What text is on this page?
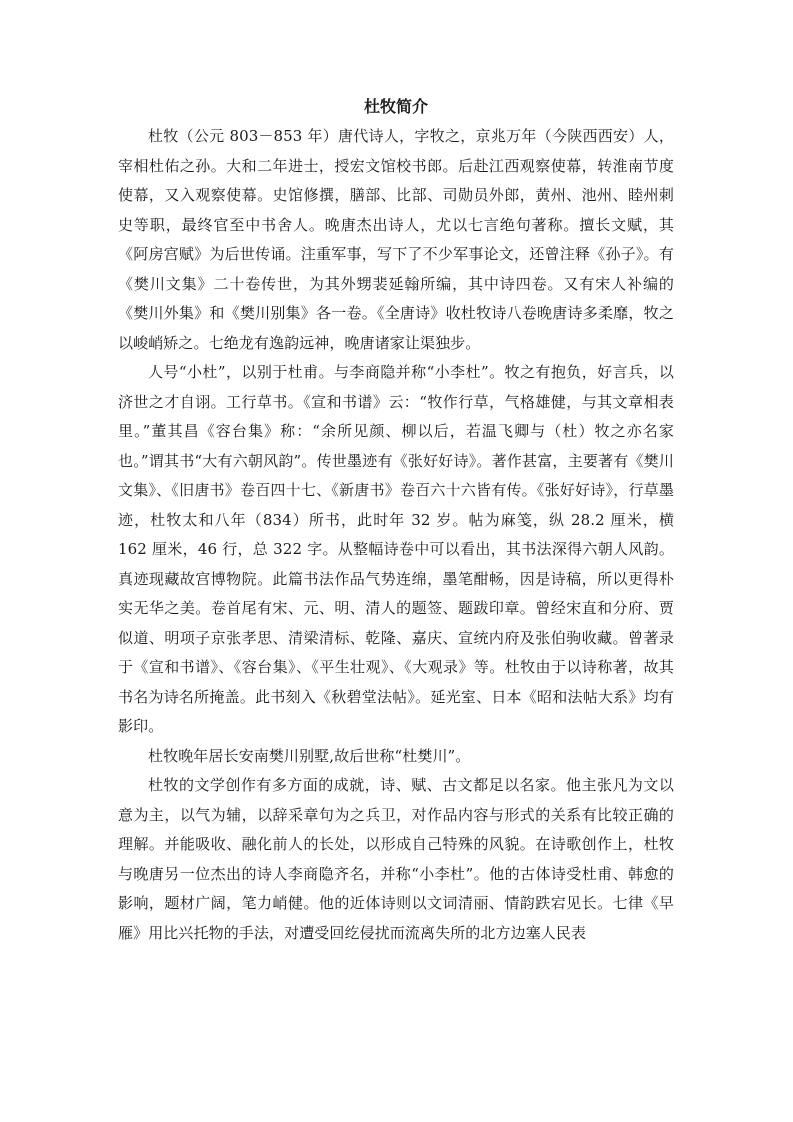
杜牧简介

杜牧（公元 803－853 年）唐代诗人，字牧之，京兆万年（今陕西西安）人，宰相杜佑之孙。大和二年进士，授宏文馆校书郎。后赴江西观察使幕，转淮南节度使幕，又入观察使幕。史馆修撰，膳部、比部、司勋员外郎，黄州、池州、睦州刺史等职，最终官至中书舍人。晚唐杰出诗人，尤以七言绝句著称。擅长文赋，其《阿房宫赋》为后世传诵。注重军事，写下了不少军事论文，还曾注释《孙子》。有《樊川文集》二十卷传世，为其外甥裴延翰所编，其中诗四卷。又有宋人补编的《樊川外集》和《樊川别集》各一卷。《全唐诗》收杜牧诗八卷晚唐诗多柔靡，牧之以峻峭矫之。七绝龙有逸韵远神，晚唐诸家让渠独步。

人号“小杜”，以别于杜甫。与李商隐并称“小李杜”。牧之有抱负，好言兵，以济世之才自诩。工行草书。《宣和书谱》云：“牧作行草，气格雄健，与其文章相表里。”董其昌《容台集》称：“余所见颜、柳以后，若温飞卿与（杜）牧之亦名家也。”谓其书“大有六朝风韵”。传世墨迹有《张好好诗》。著作甚富，主要著有《樊川文集》、《旧唐书》卷百四十七、《新唐书》卷百六十六皆有传。《张好好诗》，行草墨迹，杜牧太和八年（834）所书，此时年 32 岁。帖为麻笺，纵 28.2 厘米，横 162 厘米，46 行，总 322 字。从整幅诗卷中可以看出，其书法深得六朝人风韵。真迹现藏故宫博物院。此篇书法作品气势连绵，墨笔酣畅，因是诗稿，所以更得朴实无华之美。卷首尾有宋、元、明、清人的题签、题跋印章。曾经宋直和分府、贾似道、明项子京张孝思、清梁清标、乾隆、嘉庆、宣统内府及张伯驹收藏。曾著录于《宣和书谱》、《容台集》、《平生壮观》、《大观录》等。杜牧由于以诗称著，故其书名为诗名所掩盖。此书刻入《秋碧堂法帖》。延光室、日本《昭和法帖大系》均有影印。

杜牧晚年居长安南樊川别墅,故后世称“杜樊川”。

杜牧的文学创作有多方面的成就，诗、赋、古文都足以名家。他主张凡为文以意为主，以气为辅，以辞采章句为之兵卫，对作品内容与形式的关系有比较正确的理解。并能吸收、融化前人的长处，以形成自己特殊的风貌。在诗歌创作上，杜牧与晚唐另一位杰出的诗人李商隐齐名，并称“小李杜”。他的古体诗受杜甫、韩愈的影响，题材广阔，笔力峭健。他的近体诗则以文词清丽、情韵跌宕见长。七律《早雁》用比兴托物的手法，对遭受回纥侵扰而流离失所的北方边塞人民表
